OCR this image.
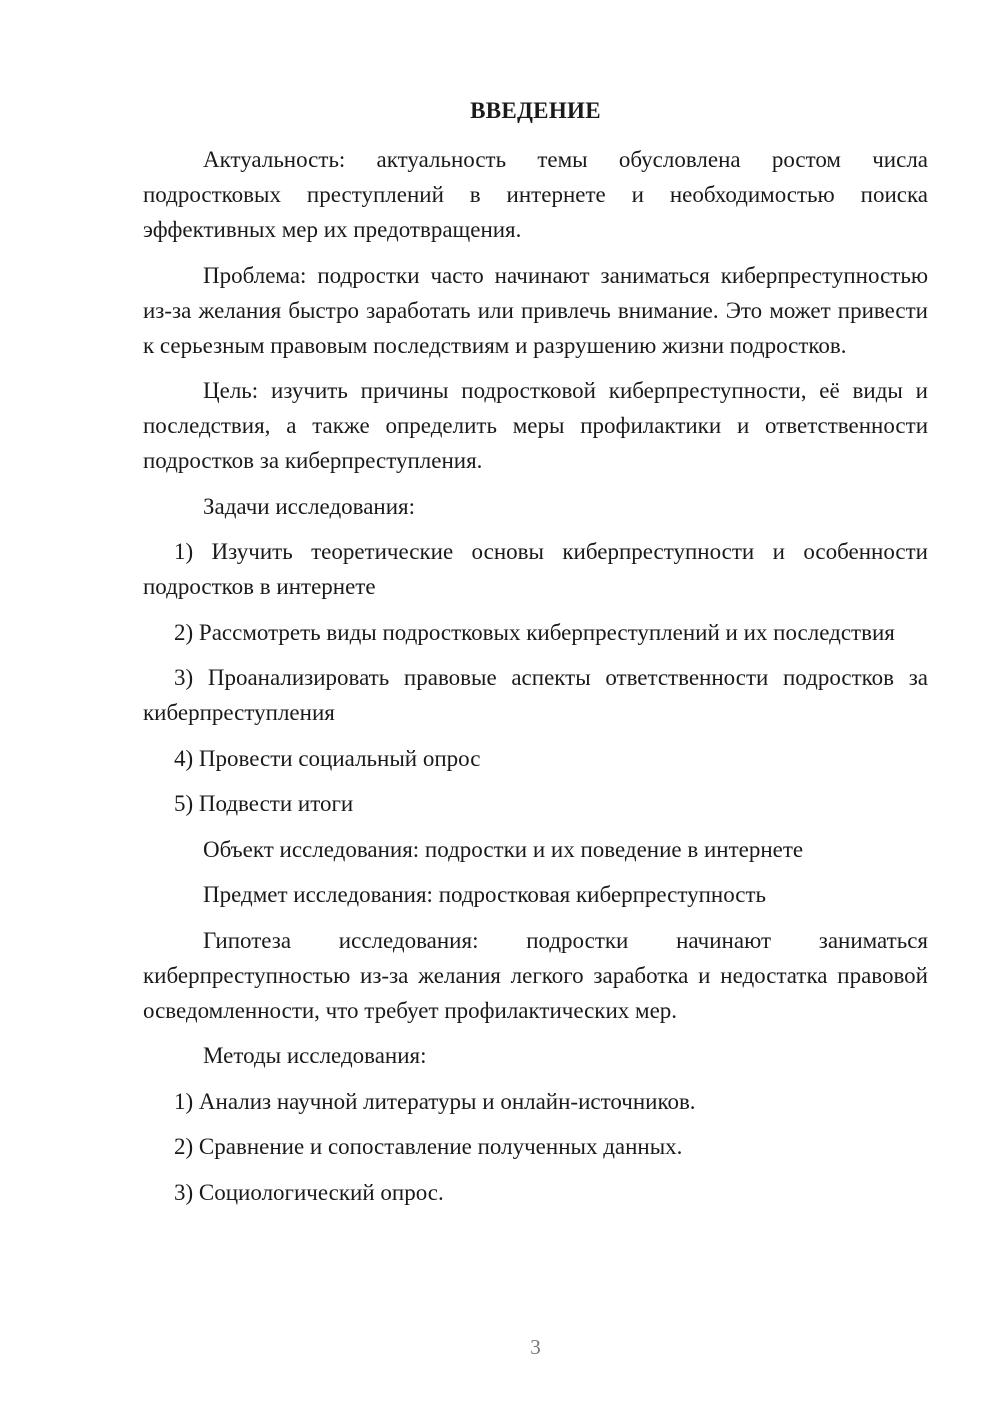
ВВЕДЕНИЕ

Актуальность: актуальность темы обусловлена ростом числа подростковых преступлений в интернете и необходимостью поиска эффективных мер их предотвращения.

Проблема: подростки часто начинают заниматься киберпреступностью из-за желания быстро заработать или привлечь внимание. Это может привести к серьезным правовым последствиям и разрушению жизни подростков.

Цель: изучить причины подростковой киберпреступности, её виды и последствия, а также определить меры профилактики и ответственности подростков за киберпреступления.

Задачи исследования:

1) Изучить теоретические основы киберпреступности и особенности подростков в интернете

2) Рассмотреть виды подростковых киберпреступлений и их последствия

3) Проанализировать правовые аспекты ответственности подростков за киберпреступления

4) Провести социальный опрос

5) Подвести итоги

Объект исследования: подростки и их поведение в интернете

Предмет исследования: подростковая киберпреступность

Гипотеза исследования: подростки начинают заниматься киберпреступностью из-за желания легкого заработка и недостатка правовой осведомленности, что требует профилактических мер.

Методы исследования:

1) Анализ научной литературы и онлайн-источников.

2) Сравнение и сопоставление полученных данных.

3) Социологический опрос.

3
